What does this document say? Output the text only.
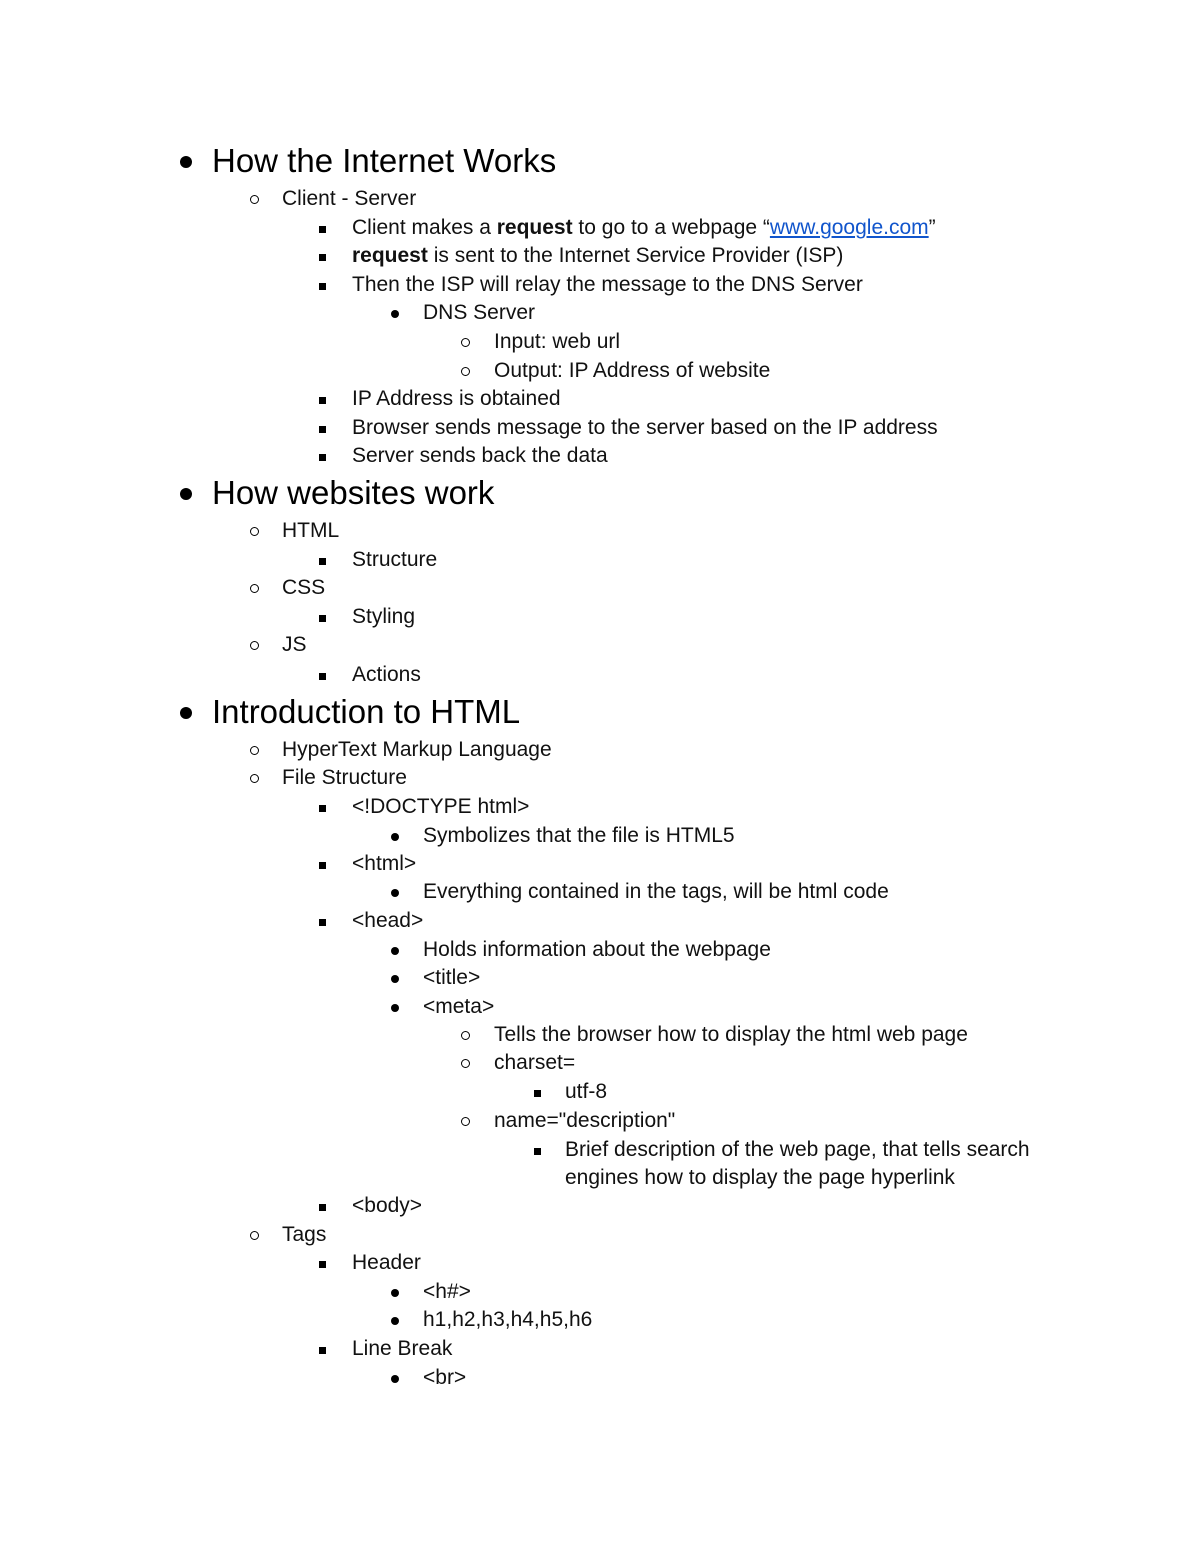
How the Internet Works
Client - Server
Client makes a request to go to a webpage “www.google.com”
request is sent to the Internet Service Provider (ISP)
Then the ISP will relay the message to the DNS Server
DNS Server
Input: web url
Output: IP Address of website
IP Address is obtained
Browser sends message to the server based on the IP address
Server sends back the data
How websites work
HTML
Structure
CSS
Styling
JS
Actions
Introduction to HTML
HyperText Markup Language
File Structure
<!DOCTYPE html>
Symbolizes that the file is HTML5
<html>
Everything contained in the tags, will be html code
<head>
Holds information about the webpage
<title>
<meta>
Tells the browser how to display the html web page
charset=
utf-8
name="description"
Brief description of the web page, that tells search
engines how to display the page hyperlink
<body>
Tags
Header
<h#>
h1,h2,h3,h4,h5,h6
Line Break
<br>
